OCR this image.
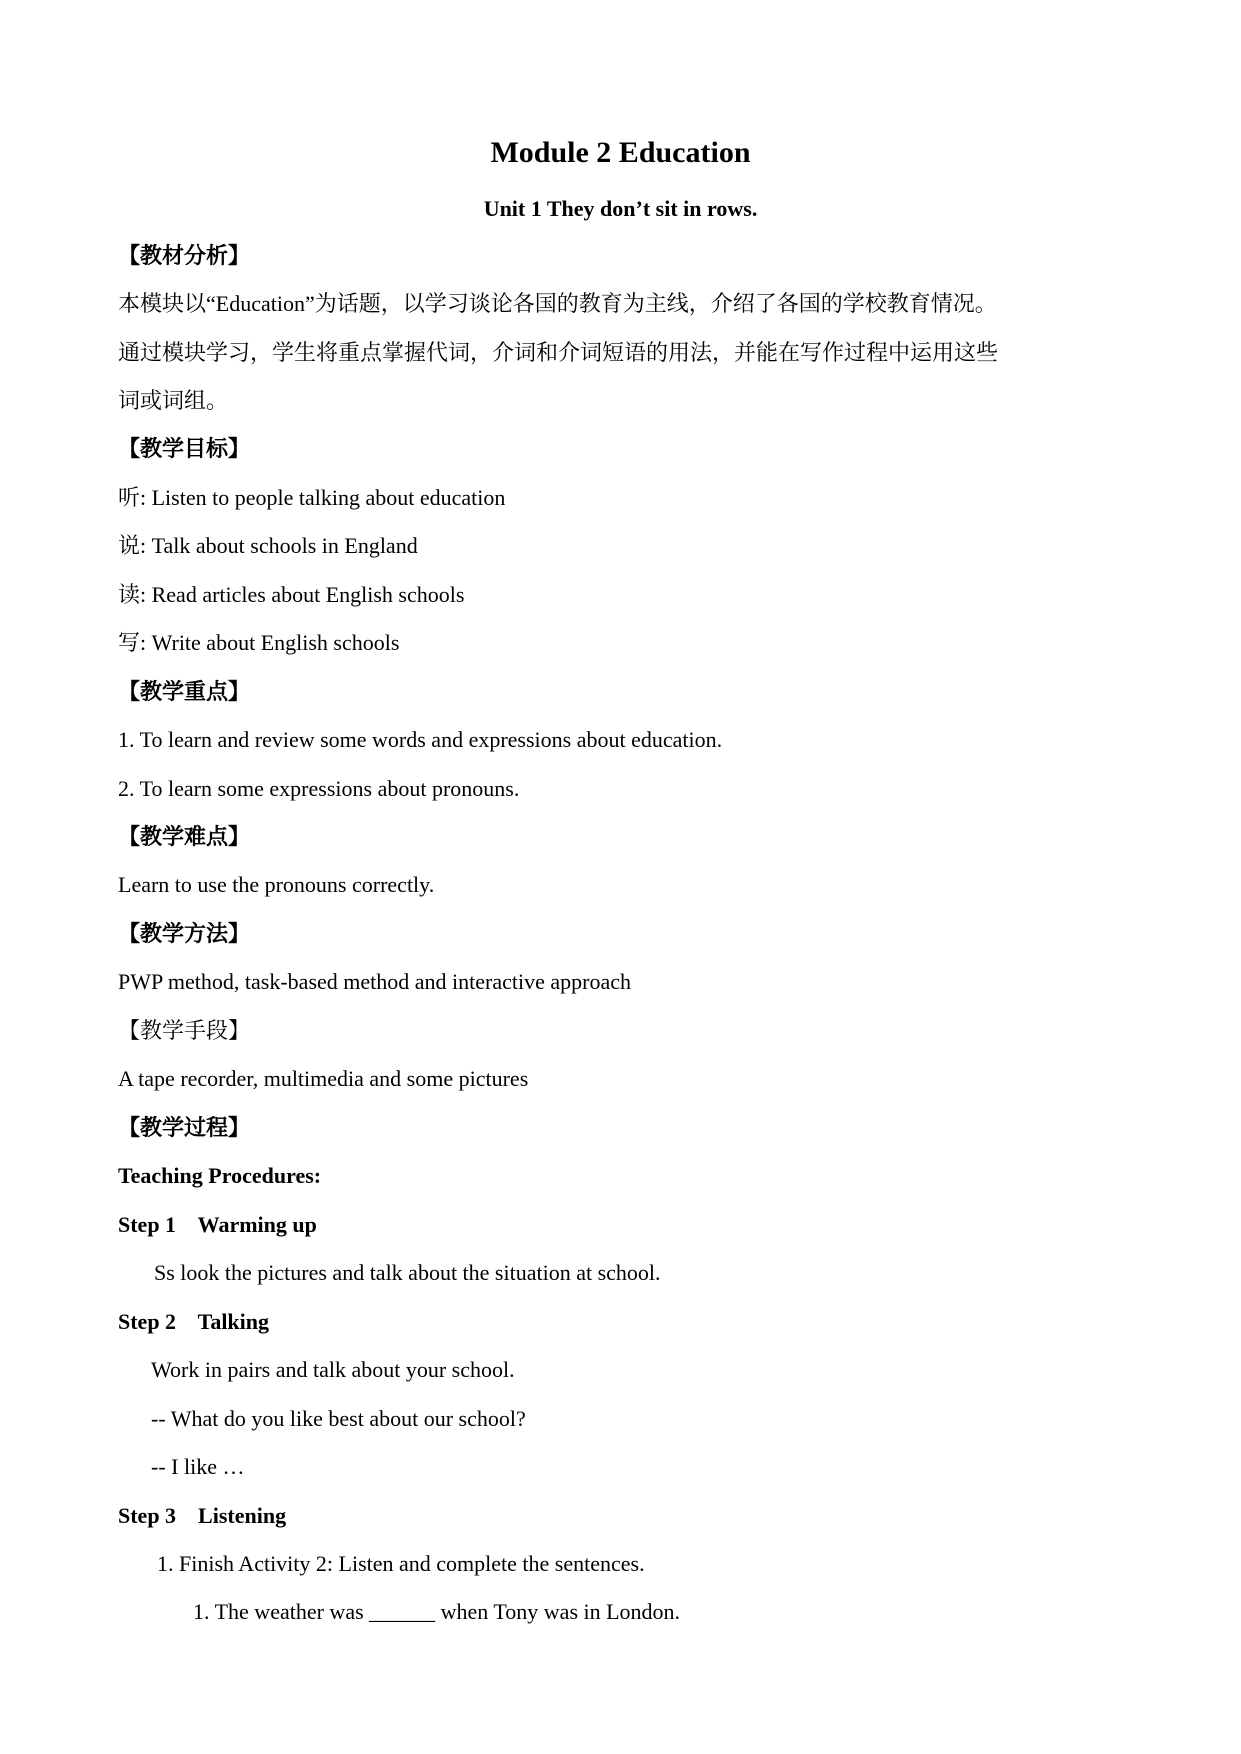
Module 2 Education
Unit 1 They don’t sit in rows.
【教材分析】
本模块以“Education”为话题，以学习谈论各国的教育为主线，介绍了各国的学校教育情况。
通过模块学习，学生将重点掌握代词，介词和介词短语的用法，并能在写作过程中运用这些
词或词组。
【教学目标】
听: Listen to people talking about education
说: Talk about schools in England
读: Read articles about English schools
写: Write about English schools
【教学重点】
1. To learn and review some words and expressions about education.
2. To learn some expressions about pronouns.
【教学难点】
Learn to use the pronouns correctly.
【教学方法】
PWP method, task-based method and interactive approach
【教学手段】
A tape recorder, multimedia and some pictures
【教学过程】
Teaching Procedures:
Step 1    Warming up
Ss look the pictures and talk about the situation at school.
Step 2    Talking
Work in pairs and talk about your school.
-- What do you like best about our school?
-- I like …
Step 3    Listening
1. Finish Activity 2: Listen and complete the sentences.
1. The weather was ______ when Tony was in London.
